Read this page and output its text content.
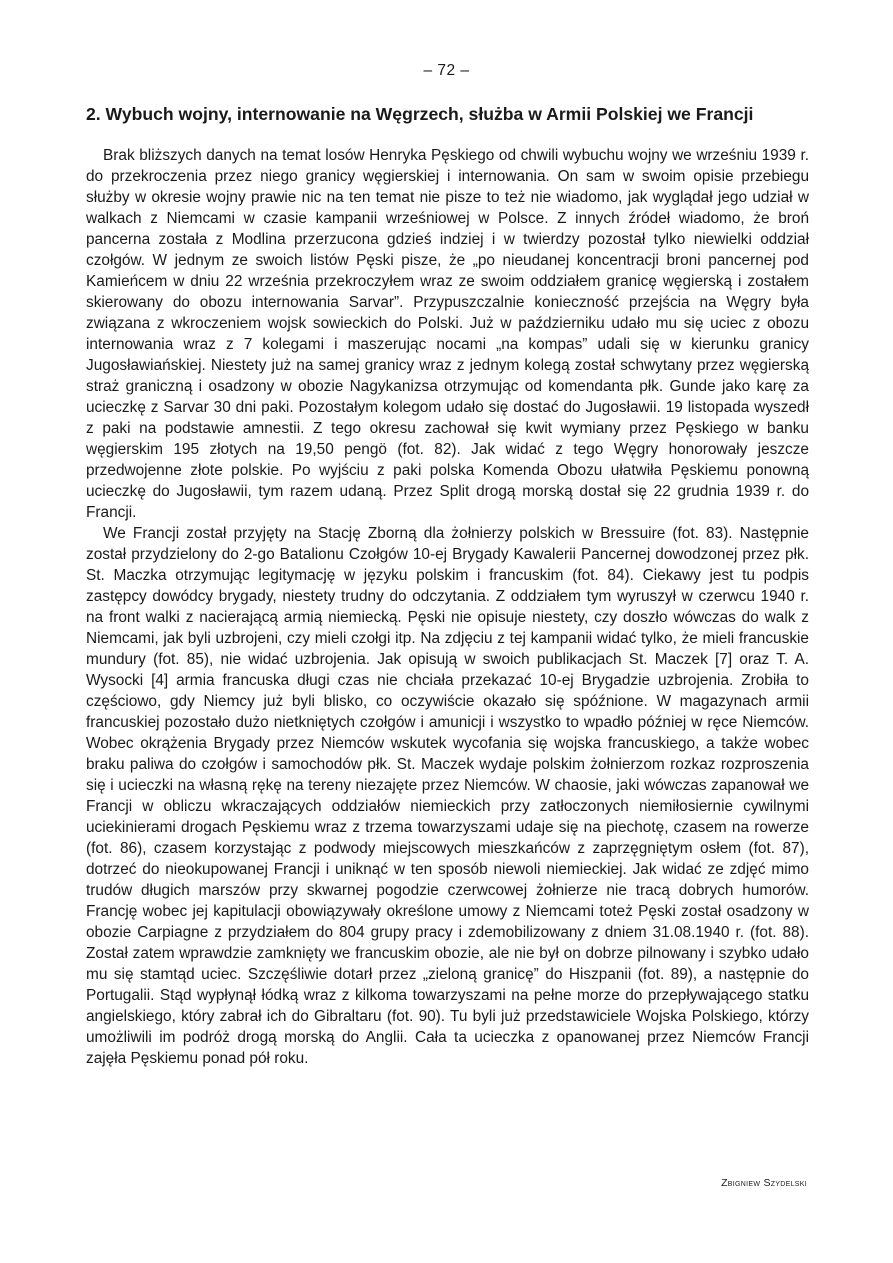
– 72 –
2. Wybuch wojny, internowanie na Węgrzech, służba w Armii Polskiej we Francji

Brak bliższych danych na temat losów Henryka Pęskiego od chwili wybuchu wojny we wrześniu 1939 r. do przekroczenia przez niego granicy węgierskiej i internowania. On sam w swoim opisie przebiegu służby w okresie wojny prawie nic na ten temat nie pisze to też nie wiadomo, jak wyglądał jego udział w walkach z Niemcami w czasie kampanii wrześniowej w Polsce. Z innych źródeł wiadomo, że broń pancerna została z Modlina przerzucona gdzieś indziej i w twierdzy pozostał tylko niewielki oddział czołgów. W jednym ze swoich listów Pęski pisze, że „po nieudanej koncentracji broni pancernej pod Kamieńcem w dniu 22 września przekroczyłem wraz ze swoim oddziałem granicę węgierską i zostałem skierowany do obozu internowania Sarvar”. Przypuszczalnie konieczność przejścia na Węgry była związana z wkroczeniem wojsk sowieckich do Polski. Już w październiku udało mu się uciec z obozu internowania wraz z 7 kolegami i maszerując nocami „na kompas” udali się w kierunku granicy Jugosławiańskiej. Niestety już na samej granicy wraz z jednym kolegą został schwytany przez węgierską straż graniczną i osadzony w obozie Nagykanizsa otrzymując od komendanta płk. Gunde jako karę za ucieczkę z Sarvar 30 dni paki. Pozostałym kolegom udało się dostać do Jugosławii. 19 listopada wyszedł z paki na podstawie amnestii. Z tego okresu zachował się kwit wymiany przez Pęskiego w banku węgierskim 195 złotych na 19,50 pengö (fot. 82). Jak widać z tego Węgry honorowały jeszcze przedwojenne złote polskie. Po wyjściu z paki polska Komenda Obozu ułatwiła Pęskiemu ponowną ucieczkę do Jugosławii, tym razem udaną. Przez Split drogą morską dostał się 22 grudnia 1939 r. do Francji.

We Francji został przyjęty na Stację Zborną dla żołnierzy polskich w Bressuire (fot. 83). Następnie został przydzielony do 2-go Batalionu Czołgów 10-ej Brygady Kawalerii Pancernej dowodzonej przez płk. St. Maczka otrzymując legitymację w języku polskim i francuskim (fot. 84). Ciekawy jest tu podpis zastępcy dowódcy brygady, niestety trudny do odczytania. Z oddziałem tym wyruszył w czerwcu 1940 r. na front walki z nacierającą armią niemiecką. Pęski nie opisuje niestety, czy doszło wówczas do walk z Niemcami, jak byli uzbrojeni, czy mieli czołgi itp. Na zdjęciu z tej kampanii widać tylko, że mieli francuskie mundury (fot. 85), nie widać uzbrojenia. Jak opisują w swoich publikacjach St. Maczek [7] oraz T. A. Wysocki [4] armia francuska długi czas nie chciała przekazać 10-ej Brygadzie uzbrojenia. Zrobiła to częściowo, gdy Niemcy już byli blisko, co oczywiście okazało się spóźnione. W magazynach armii francuskiej pozostało dużo nietkniętych czołgów i amunicji i wszystko to wpadło później w ręce Niemców. Wobec okrążenia Brygady przez Niemców wskutek wycofania się wojska francuskiego, a także wobec braku paliwa do czołgów i samochodów płk. St. Maczek wydaje polskim żołnierzom rozkaz rozproszenia się i ucieczki na własną rękę na tereny niezajęte przez Niemców. W chaosie, jaki wówczas zapanował we Francji w obliczu wkraczających oddziałów niemieckich przy zatłoczonych niemiłosiernie cywilnymi uciekinierami drogach Pęskiemu wraz z trzema towarzyszami udaje się na piechotę, czasem na rowerze (fot. 86), czasem korzystając z podwody miejscowych mieszkańców z zaprzęgniętym osłem (fot. 87), dotrzeć do nieokupowanej Francji i uniknąć w ten sposób niewoli niemieckiej. Jak widać ze zdjęć mimo trudów długich marszów przy skwarnej pogodzie czerwcowej żołnierze nie tracą dobrych humorów. Francję wobec jej kapitulacji obowiązywały określone umowy z Niemcami toteż Pęski został osadzony w obozie Carpiagne z przydziałem do 804 grupy pracy i zdemobilizowany z dniem 31.08.1940 r. (fot. 88). Został zatem wprawdzie zamknięty we francuskim obozie, ale nie był on dobrze pilnowany i szybko udało mu się stamtąd uciec. Szczęśliwie dotarł przez „zieloną granicę” do Hiszpanii (fot. 89), a następnie do Portugalii. Stąd wypłynął łódką wraz z kilkoma towarzyszami na pełne morze do przepływającego statku angielskiego, który zabrał ich do Gibraltaru (fot. 90). Tu byli już przedstawiciele Wojska Polskiego, którzy umożliwili im podróż drogą morską do Anglii. Cała ta ucieczka z opanowanej przez Niemców Francji zajęła Pęskiemu ponad pół roku.

Zbigniew Szydelski
